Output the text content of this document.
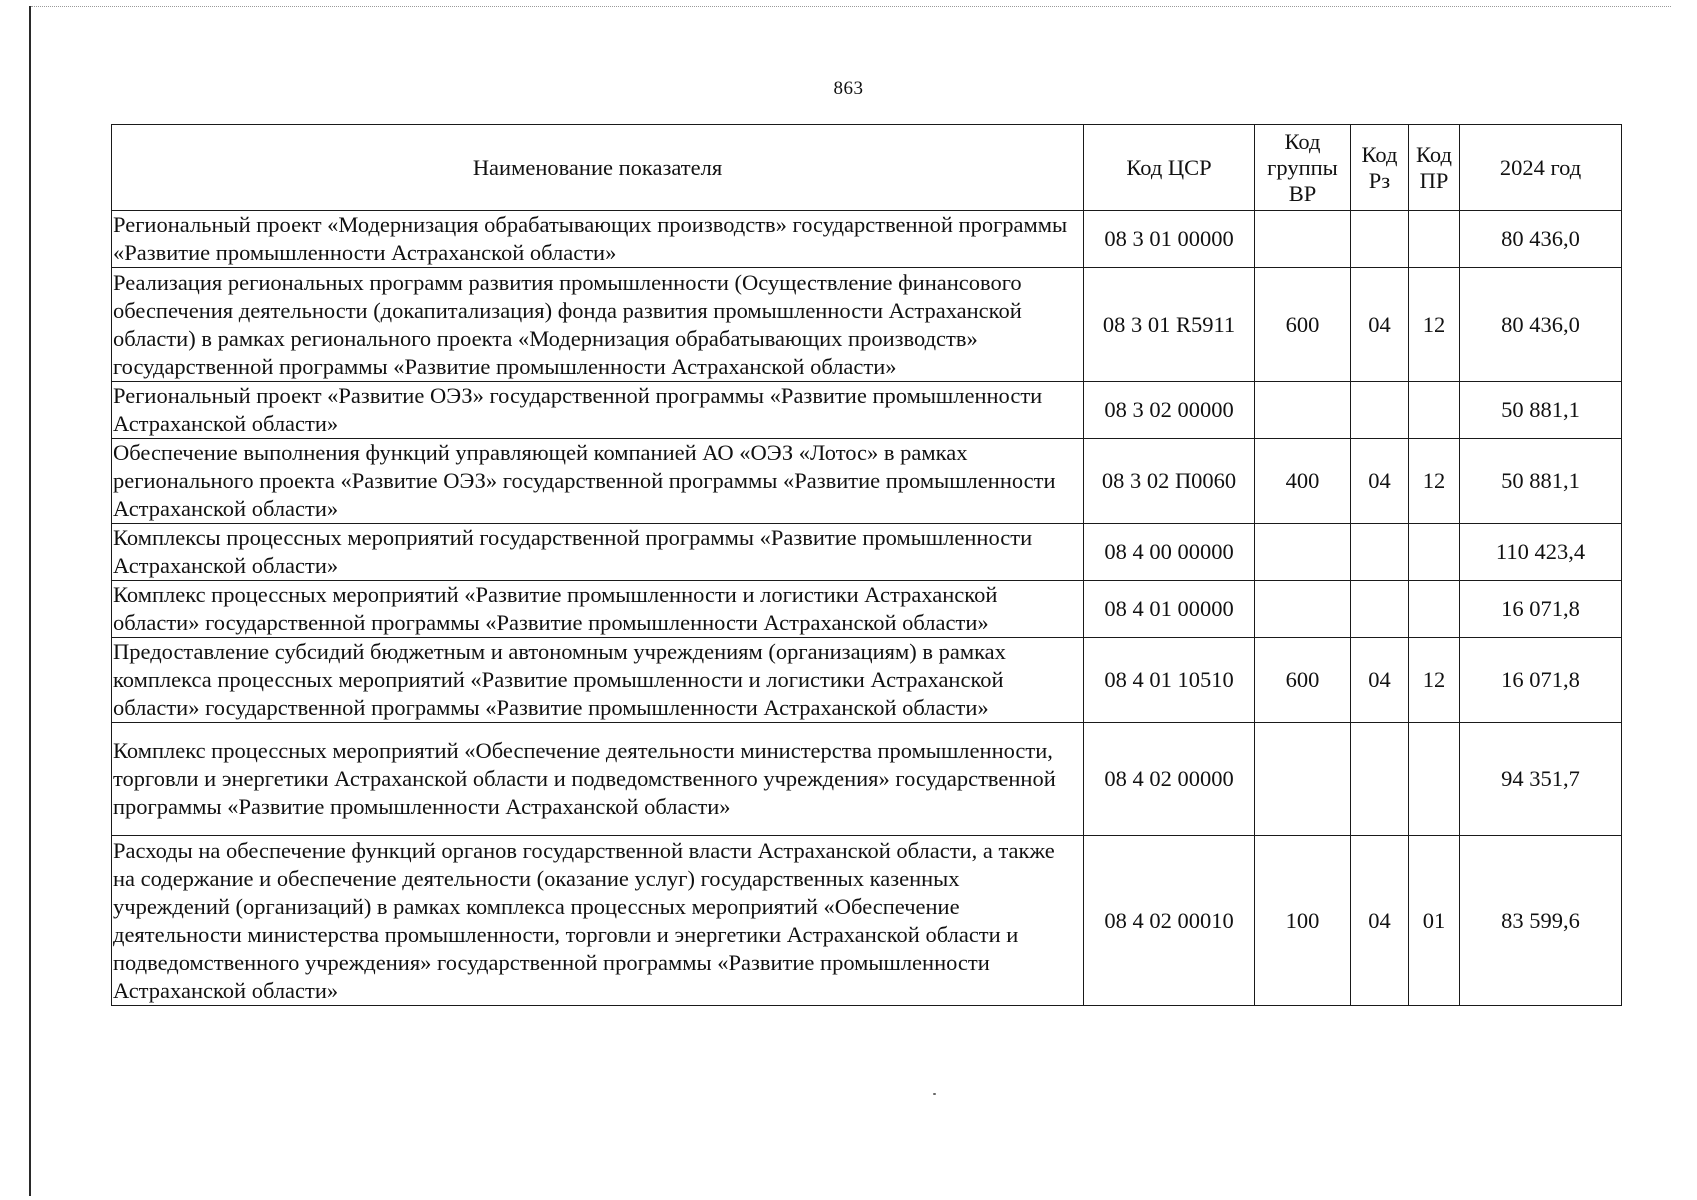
863
Наименование показателя	Код ЦСР	Код группы ВР	Код Рз	Код ПР	2024 год
Региональный проект «Модернизация обрабатывающих производств» государственной программы «Развитие промышленности Астраханской области»	08 3 01 00000				80 436,0
Реализация региональных программ развития промышленности (Осуществление финансового обеспечения деятельности (докапитализация) фонда развития промышленности Астраханской области) в рамках регионального проекта «Модернизация обрабатывающих производств» государственной программы «Развитие промышленности Астраханской области»	08 3 01 R5911	600	04	12	80 436,0
Региональный проект «Развитие ОЭЗ» государственной программы «Развитие промышленности Астраханской области»	08 3 02 00000				50 881,1
Обеспечение выполнения функций управляющей компанией АО «ОЭЗ «Лотос» в рамках регионального проекта «Развитие ОЭЗ» государственной программы «Развитие промышленности Астраханской области»	08 3 02 П0060	400	04	12	50 881,1
Комплексы процессных мероприятий государственной программы «Развитие промышленности Астраханской области»	08 4 00 00000				110 423,4
Комплекс процессных мероприятий «Развитие промышленности и логистики Астраханской области» государственной программы «Развитие промышленности Астраханской области»	08 4 01 00000				16 071,8
Предоставление субсидий бюджетным и автономным учреждениям (организациям) в рамках комплекса процессных мероприятий «Развитие промышленности и логистики Астраханской области» государственной программы «Развитие промышленности Астраханской области»	08 4 01 10510	600	04	12	16 071,8
Комплекс процессных мероприятий «Обеспечение деятельности министерства промышленности, торговли и энергетики Астраханской области и подведомственного учреждения» государственной программы «Развитие промышленности Астраханской области»	08 4 02 00000				94 351,7
Расходы на обеспечение функций органов государственной власти Астраханской области, а также на содержание и обеспечение деятельности (оказание услуг) государственных казенных учреждений (организаций) в рамках комплекса процессных мероприятий «Обеспечение деятельности министерства промышленности, торговли и энергетики Астраханской области и подведомственного учреждения» государственной программы «Развитие промышленности Астраханской области»	08 4 02 00010	100	04	01	83 599,6
